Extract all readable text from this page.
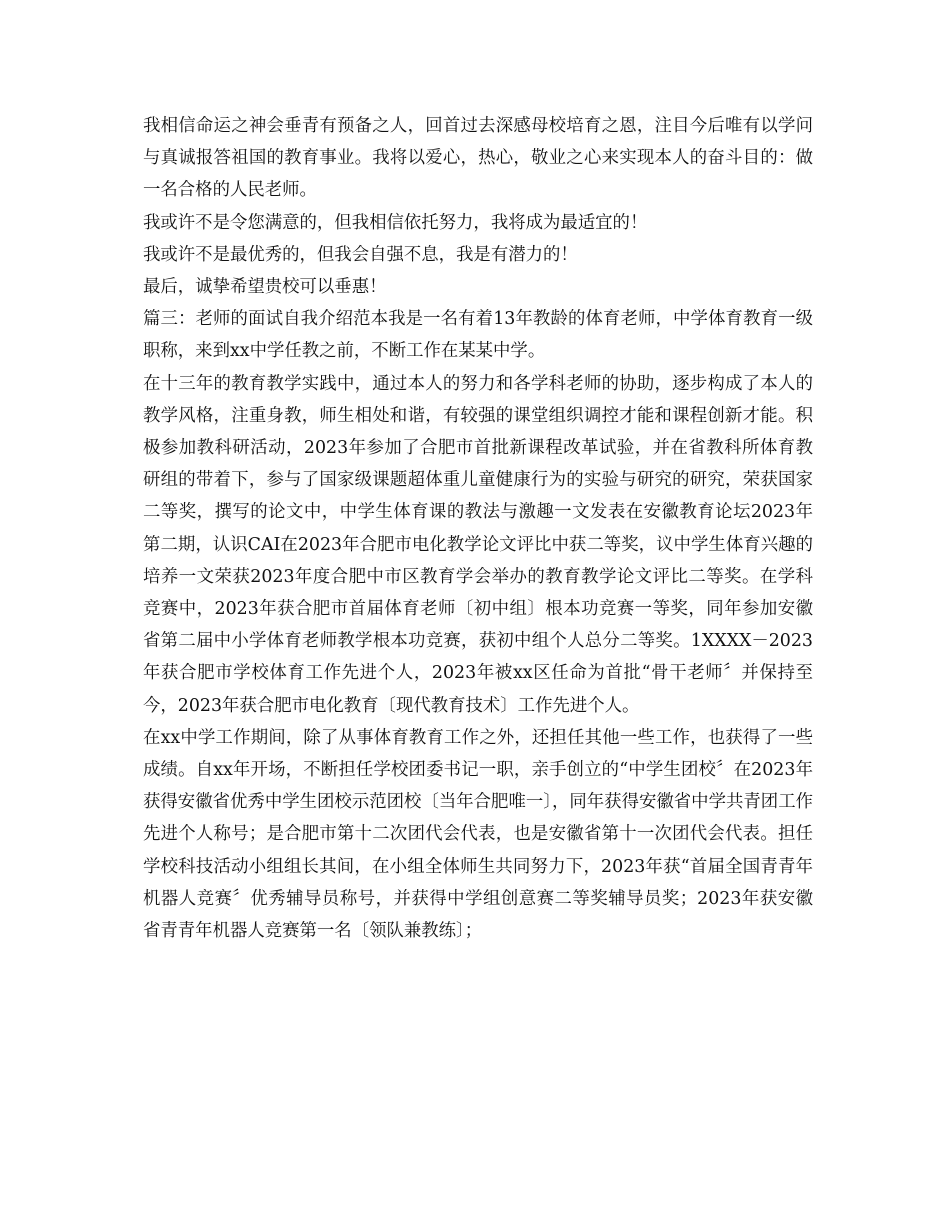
我相信命运之神会垂青有预备之人，回首过去深感母校培育之恩，注目今后唯有以学问与真诚报答祖国的教育事业。我将以爱心，热心，敬业之心来实现本人的奋斗目的：做一名合格的人民老师。

我或许不是令您满意的，但我相信依托努力，我将成为最适宜的！

我或许不是最优秀的，但我会自强不息，我是有潜力的！

最后，诚挚希望贵校可以垂惠！

篇三：老师的面试自我介绍范本我是一名有着13年教龄的体育老师，中学体育教育一级职称，来到xx中学任教之前，不断工作在某某中学。

在十三年的教育教学实践中，通过本人的努力和各学科老师的协助，逐步构成了本人的教学风格，注重身教，师生相处和谐，有较强的课堂组织调控才能和课程创新才能。积极参加教科研活动，2023年参加了合肥市首批新课程改革试验，并在省教科所体育教研组的带着下，参与了国家级课题超体重儿童健康行为的实验与研究的研究，荣获国家二等奖，撰写的论文中，中学生体育课的教法与激趣一文发表在安徽教育论坛2023年第二期，认识CAI在2023年合肥市电化教学论文评比中获二等奖，议中学生体育兴趣的培养一文荣获2023年度合肥中市区教育学会举办的教育教学论文评比二等奖。在学科竞赛中，2023年获合肥市首届体育老师〔初中组〕根本功竞赛一等奖，同年参加安徽省第二届中小学体育老师教学根本功竞赛，获初中组个人总分二等奖。1XXXX－2023年获合肥市学校体育工作先进个人，2023年被xx区任命为首批“骨干老师〞并保持至今，2023年获合肥市电化教育〔现代教育技术〕工作先进个人。

在xx中学工作期间，除了从事体育教育工作之外，还担任其他一些工作，也获得了一些成绩。自xx年开场，不断担任学校团委书记一职，亲手创立的“中学生团校〞在2023年获得安徽省优秀中学生团校示范团校〔当年合肥唯一〕，同年获得安徽省中学共青团工作先进个人称号；是合肥市第十二次团代会代表，也是安徽省第十一次团代会代表。担任学校科技活动小组组长其间，在小组全体师生共同努力下，2023年获“首届全国青青年机器人竞赛〞优秀辅导员称号，并获得中学组创意赛二等奖辅导员奖；2023年获安徽省青青年机器人竞赛第一名〔领队兼教练〕；
